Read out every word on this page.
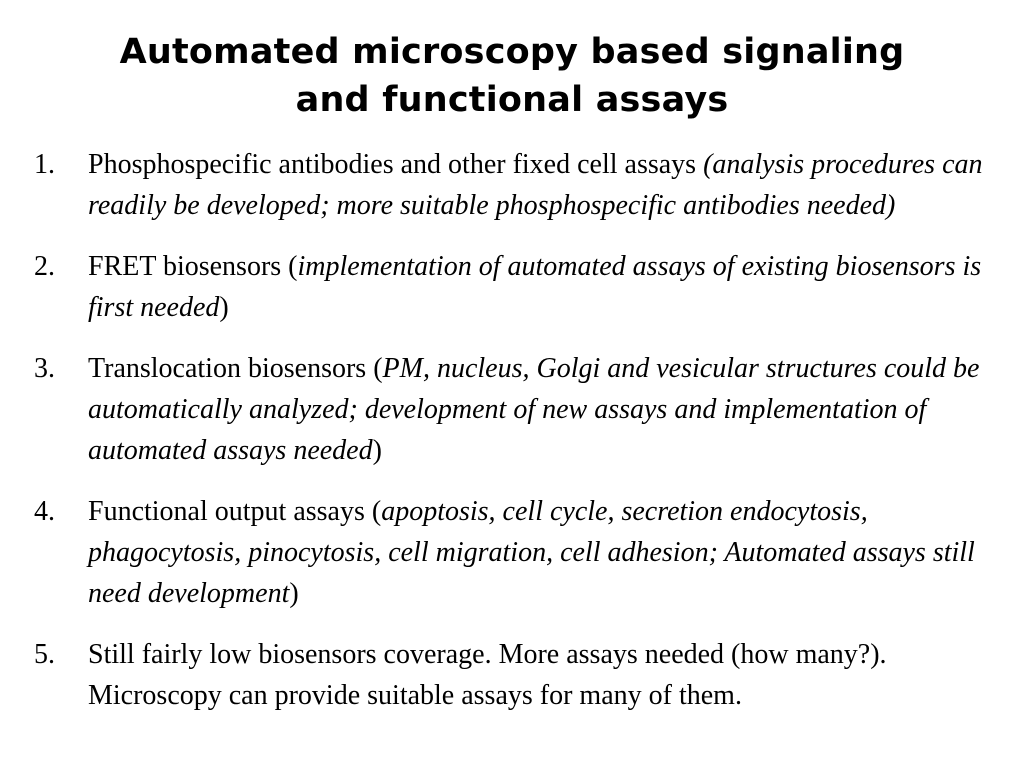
Automated microscopy based signaling
and functional assays
1. Phosphospecific antibodies and other fixed cell assays (analysis procedures can readily be developed; more suitable phosphospecific antibodies needed)
2. FRET biosensors (implementation of automated assays of existing biosensors is first needed)
3. Translocation biosensors (PM, nucleus, Golgi and vesicular structures could be automatically analyzed; development of new assays and implementation of automated assays needed)
4. Functional output assays (apoptosis, cell cycle, secretion endocytosis, phagocytosis, pinocytosis, cell migration, cell adhesion; Automated assays still need development)
5. Still fairly low biosensors coverage. More assays needed (how many?). Microscopy can provide suitable assays for many of them.
